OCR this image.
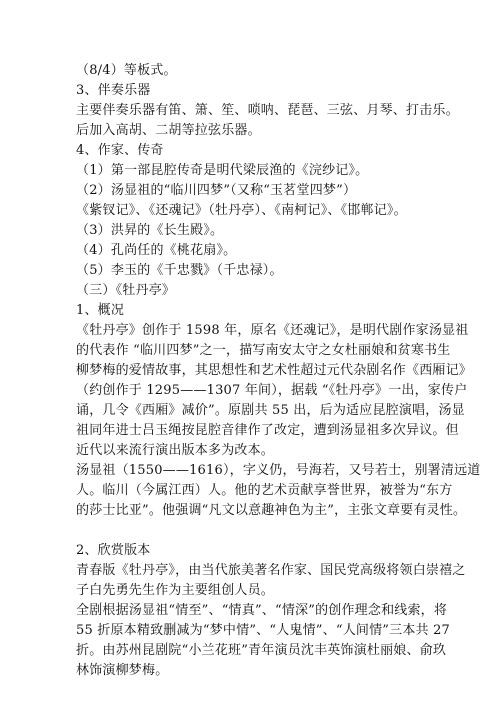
（8/4）等板式。
3、伴奏乐器
主要伴奏乐器有笛、箫、笙、唢呐、琵琶、三弦、月琴、打击乐。
后加入高胡、二胡等拉弦乐器。
4、作家、传奇
（1）第一部昆腔传奇是明代梁辰渔的《浣纱记》。
（2）汤显祖的“临川四梦”（又称“玉茗堂四梦”）
《紫钗记》、《还魂记》（牡丹亭）、《南柯记》、《邯郸记》。
（3）洪昇的《长生殿》。
（4）孔尚任的《桃花扇》。
（5）李玉的《千忠戮》（千忠禄）。
（三）《牡丹亭》
1、概况
《牡丹亭》创作于 1598 年，原名《还魂记》，是明代剧作家汤显祖
的代表作 “临川四梦”之一，描写南安太守之女杜丽娘和贫寒书生
柳梦梅的爱情故事，其思想性和艺术性超过元代杂剧名作《西厢记》
（约创作于 1295——1307 年间），据载 “《牡丹亭》一出，家传户
诵，几令《西厢》减价”。原剧共 55 出，后为适应昆腔演唱，汤显
祖同年进士吕玉绳按昆腔音律作了改定，遭到汤显祖多次异议。但
近代以来流行演出版本多为改本。
汤显祖（1550——1616），字义仍，号海若，又号若士，别署清远道
人。临川（今属江西）人。他的艺术贡献享誉世界，被誉为“东方
的莎士比亚”。他强调“凡文以意趣神色为主”，主张文章要有灵性。
2、欣赏版本
青春版《牡丹亭》，由当代旅美著名作家、国民党高级将领白崇禧之
子白先勇先生作为主要组创人员。
全剧根据汤显祖“情至”、“情真”、“情深”的创作理念和线索，将
55 折原本精致删减为“梦中情”、“人鬼情”、“人间情”三本共 27
折。由苏州昆剧院“小兰花班”青年演员沈丰英饰演杜丽娘、俞玖
林饰演柳梦梅。
